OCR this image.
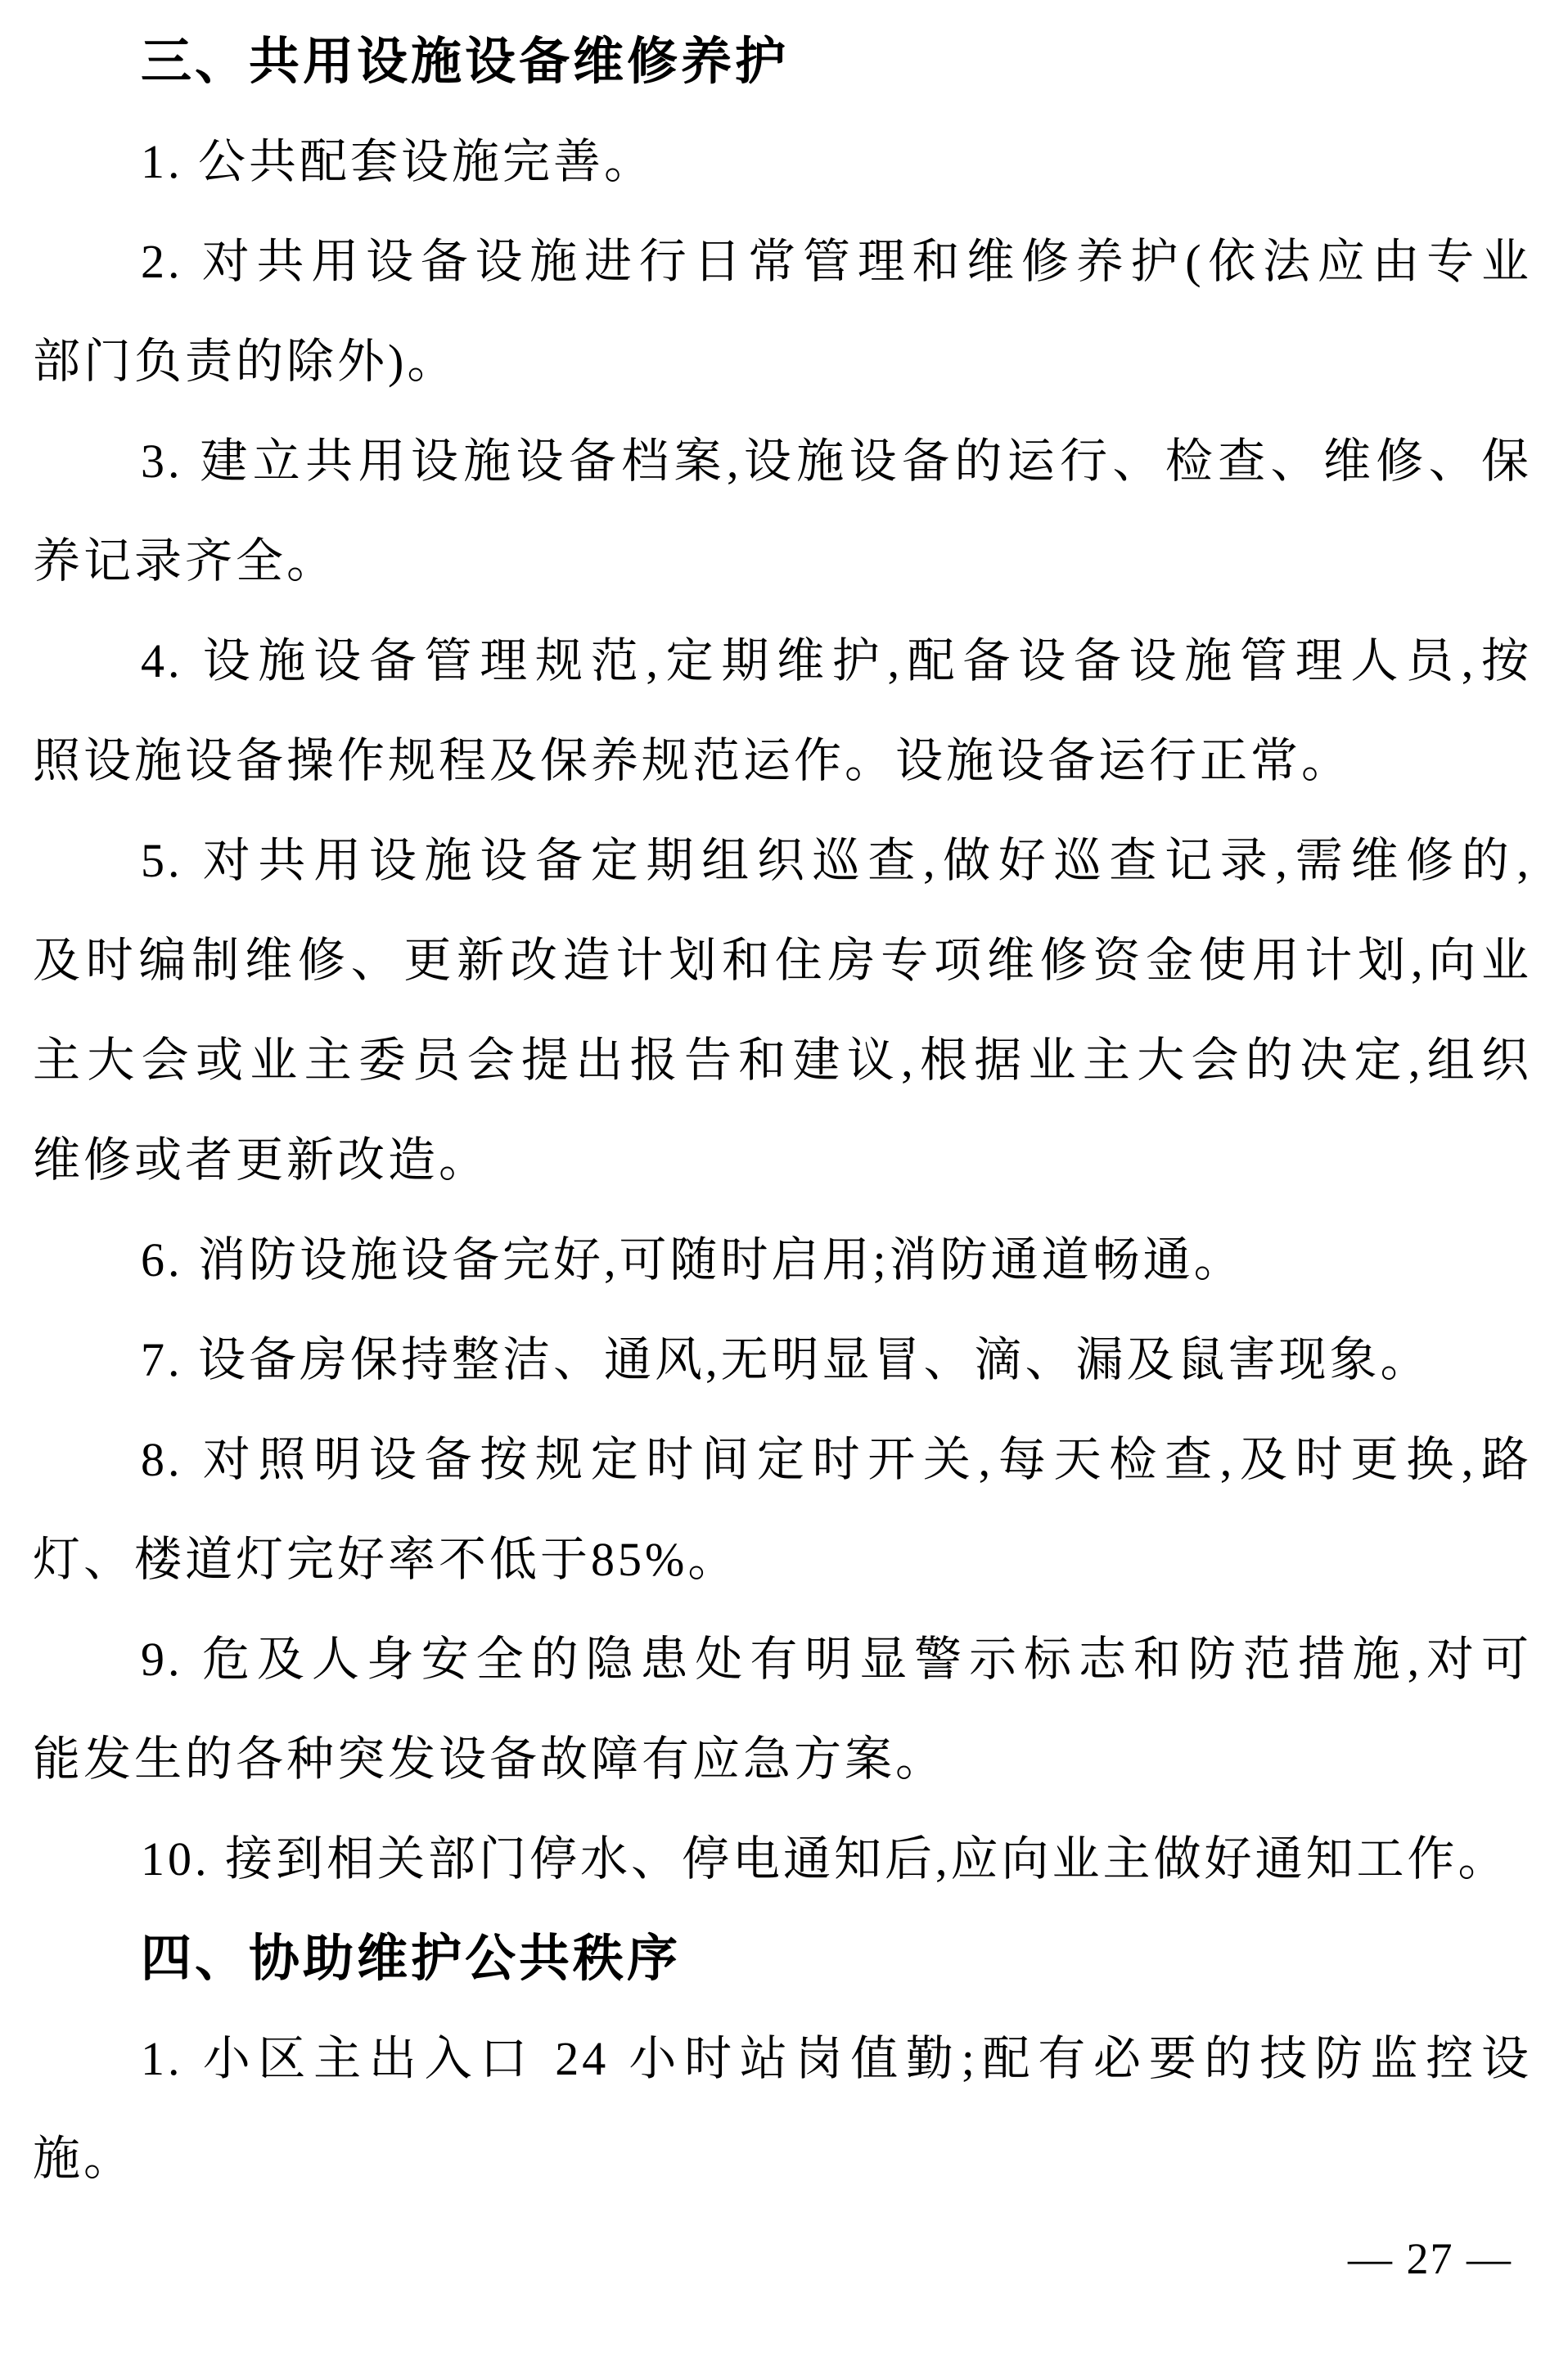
三、共用设施设备维修养护
1. 公共配套设施完善。
2. 对共用设备设施进行日常管理和维修养护(依法应由专业
部门负责的除外)。
3. 建立共用设施设备档案,设施设备的运行、检查、维修、保
养记录齐全。
4. 设施设备管理规范,定期维护,配备设备设施管理人员,按
照设施设备操作规程及保养规范运作。设施设备运行正常。
5. 对共用设施设备定期组织巡查,做好巡查记录,需维修的,
及时编制维修、更新改造计划和住房专项维修资金使用计划,向业
主大会或业主委员会提出报告和建议,根据业主大会的决定,组织
维修或者更新改造。
6. 消防设施设备完好,可随时启用;消防通道畅通。
7. 设备房保持整洁、通风,无明显冒、滴、漏及鼠害现象。
8. 对照明设备按规定时间定时开关,每天检查,及时更换,路
灯、楼道灯完好率不低于85%。
9. 危及人身安全的隐患处有明显警示标志和防范措施,对可
能发生的各种突发设备故障有应急方案。
10. 接到相关部门停水、停电通知后,应向业主做好通知工作。
四、协助维护公共秩序
1. 小区主出入口 24 小时站岗值勤;配有必要的技防监控设
施。
— 27 —
